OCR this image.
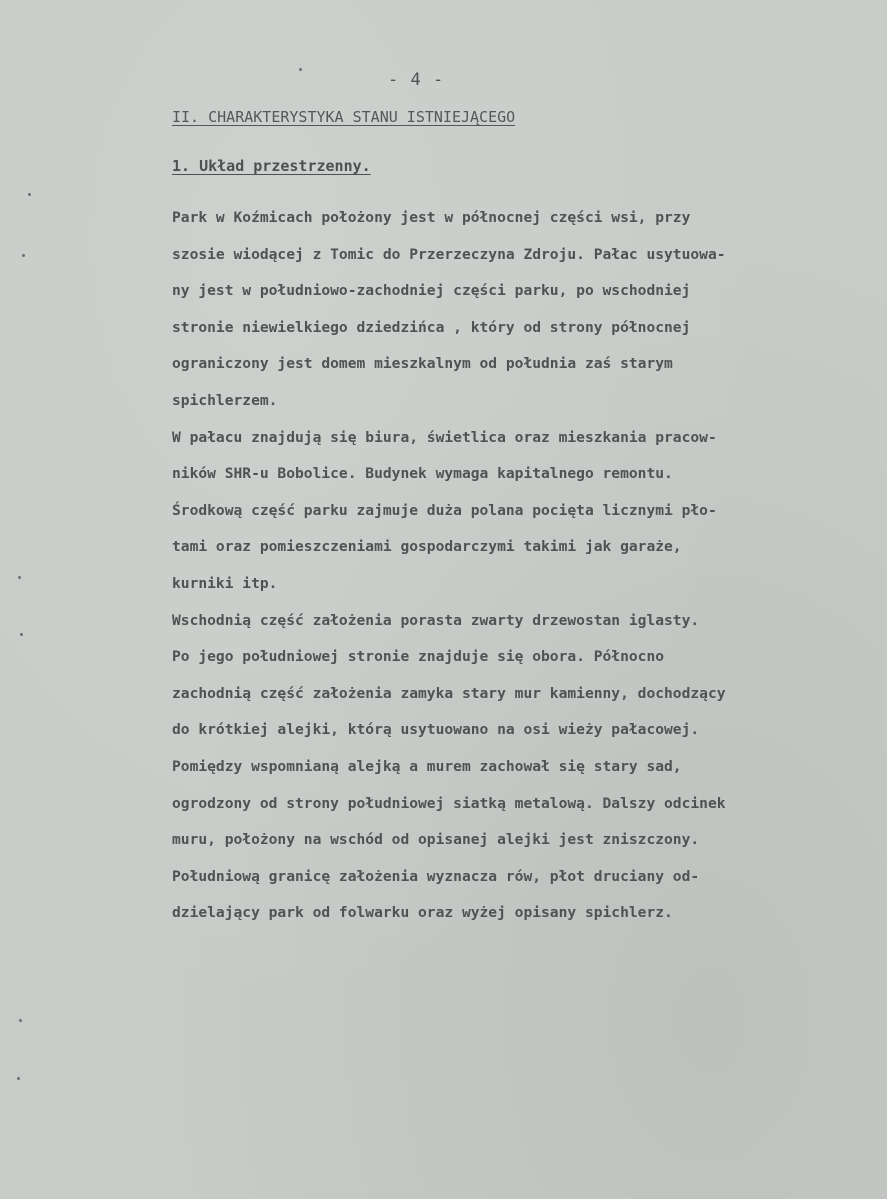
- 4 -
II. CHARAKTERYSTYKA STANU ISTNIEJĄCEGO
1. Układ przestrzenny.
Park w Koźmicach położony jest w północnej części wsi, przy
szosie wiodącej z Tomic do Przerzeczyna Zdroju. Pałac usytuowa-
ny jest w południowo-zachodniej części parku, po wschodniej
stronie niewielkiego dziedzińca , który od strony północnej
ograniczony jest domem mieszkalnym od południa zaś starym
spichlerzem.
W pałacu znajdują się biura, świetlica oraz mieszkania pracow-
ników SHR-u Bobolice. Budynek wymaga kapitalnego remontu.
Środkową część parku zajmuje duża polana pocięta licznymi pło-
tami oraz pomieszczeniami gospodarczymi takimi jak garaże,
kurniki itp.
Wschodnią część założenia porasta zwarty drzewostan iglasty.
Po jego południowej stronie znajduje się obora. Północno
zachodnią część założenia zamyka stary mur kamienny, dochodzący
do krótkiej alejki, którą usytuowano na osi wieży pałacowej.
Pomiędzy wspomnianą alejką a murem zachował się stary sad,
ogrodzony od strony południowej siatką metalową. Dalszy odcinek
muru, położony na wschód od opisanej alejki jest zniszczony.
Południową granicę założenia wyznacza rów, płot druciany od-
dzielający park od folwarku oraz wyżej opisany spichlerz.
